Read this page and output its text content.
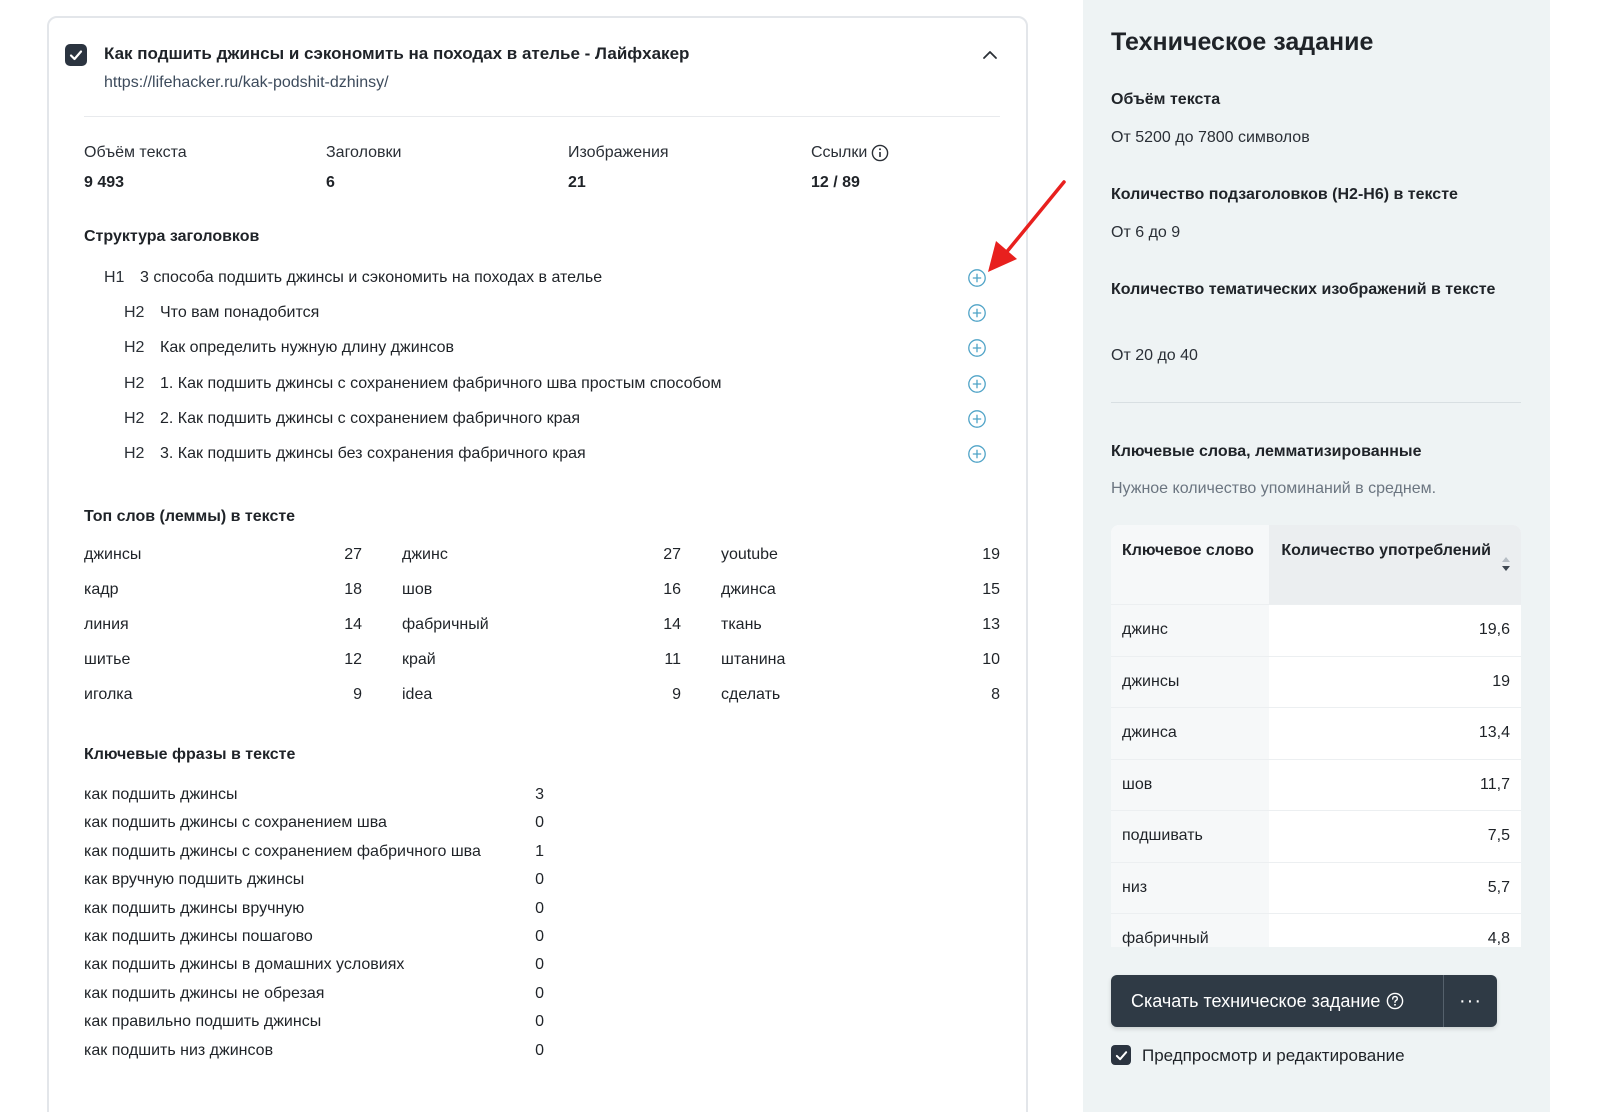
Как подшить джинсы и сэкономить на походах в ателье - Лайфхакер
https://lifehacker.ru/kak-podshit-dzhinsy/
Объём текста
9 493
Заголовки
6
Изображения
21
Ссылки
12 / 89
Структура заголовков
H1 3 способа подшить джинсы и сэкономить на походах в ателье
H2 Что вам понадобится
H2 Как определить нужную длину джинсов
H2 1. Как подшить джинсы с сохранением фабричного шва простым способом
H2 2. Как подшить джинсы с сохранением фабричного края
H2 3. Как подшить джинсы без сохранения фабричного края
Топ слов (леммы) в тексте
джинсы	27	джинс	27	youtube	19
кадр	18	шов	16	джинса	15
линия	14	фабричный	14	ткань	13
шитье	12	край	11	штанина	10
иголка	9	idea	9	сделать	8
Ключевые фразы в тексте
как подшить джинсы	3
как подшить джинсы с сохранением шва	0
как подшить джинсы с сохранением фабричного шва	1
как вручную подшить джинсы	0
как подшить джинсы вручную	0
как подшить джинсы пошагово	0
как подшить джинсы в домашних условиях	0
как подшить джинсы не обрезая	0
как правильно подшить джинсы	0
как подшить низ джинсов	0
Техническое задание
Объём текста
От 5200 до 7800 символов
Количество подзаголовков (H2-H6) в тексте
От 6 до 9
Количество тематических изображений в тексте
От 20 до 40
Ключевые слова, лемматизированные
Нужное количество упоминаний в среднем.
Ключевое слово	Количество употреблений
джинс	19,6
джинсы	19
джинса	13,4
шов	11,7
подшивать	7,5
низ	5,7
фабричный	4,8
Скачать техническое задание	···
Предпросмотр и редактирование
